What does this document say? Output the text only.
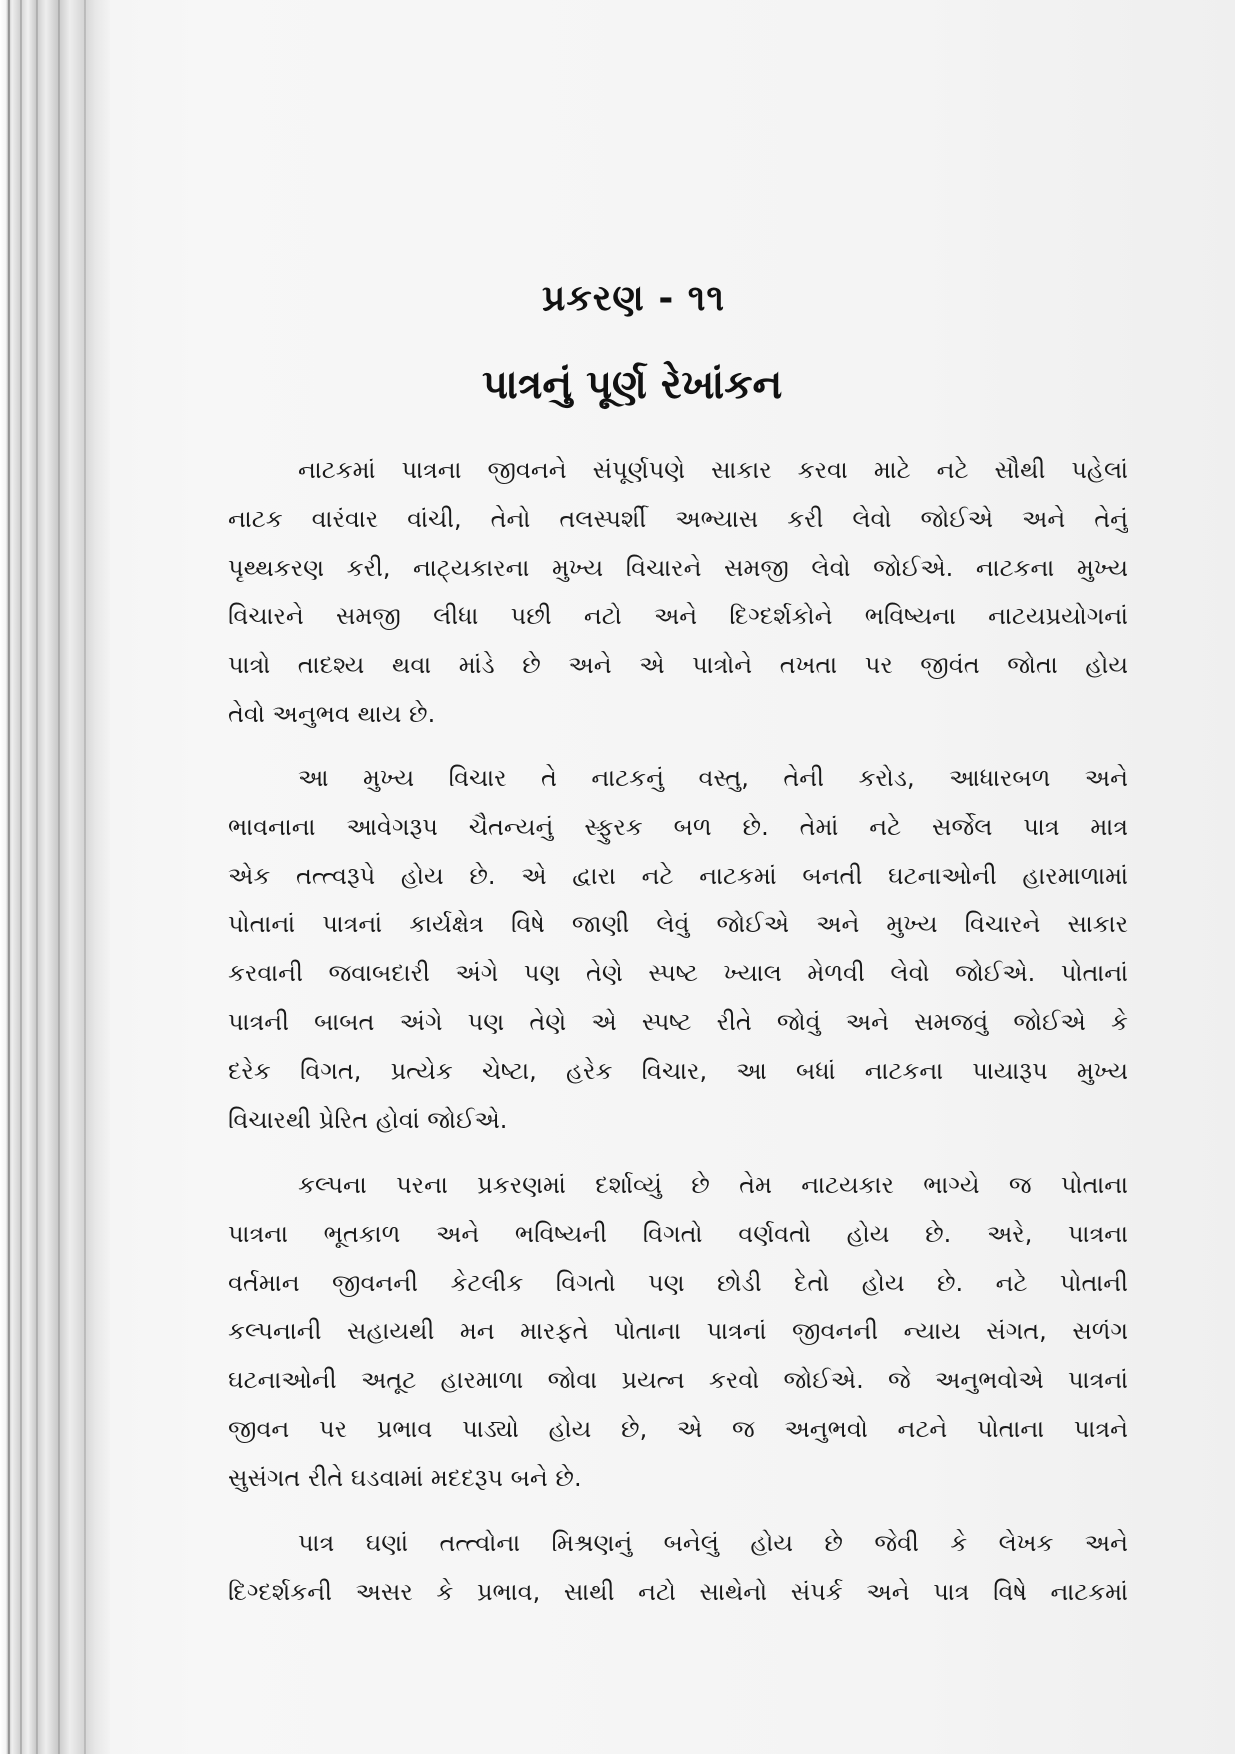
પ્રકરણ - ૧૧
પાત્રનું પૂર્ણ રેખાંકન
નાટકમાં પાત્રના જીવનને સંપૂર્ણપણે સાકાર કરવા માટે નટે સૌથી પહેલાં
નાટક વારંવાર વાંચી, તેનો તલસ્પર્શી અભ્યાસ કરી લેવો જોઈએ અને તેનું
પૃથ્થકરણ કરી, નાટ્યકારના મુખ્ય વિચારને સમજી લેવો જોઈએ. નાટકના મુખ્ય
વિચારને સમજી લીધા પછી નટો અને દિગ્દર્શકોને ભવિષ્યના નાટયપ્રયોગનાં
પાત્રો તાદશ્ય થવા માંડે છે અને એ પાત્રોને તખતા પર જીવંત જોતા હોય
તેવો અનુભવ થાય છે.
આ મુખ્ય વિચાર તે નાટકનું વસ્તુ, તેની કરોડ, આધારબળ અને
ભાવનાના આવેગરૂપ ચૈતન્યનું સ્ફુરક બળ છે. તેમાં નટે સર્જેલ પાત્ર માત્ર
એક તત્ત્વરૂપે હોય છે. એ દ્વારા નટે નાટકમાં બનતી ઘટનાઓની હારમાળામાં
પોતાનાં પાત્રનાં કાર્યક્ષેત્ર વિષે જાણી લેવું જોઈએ અને મુખ્ય વિચારને સાકાર
કરવાની જવાબદારી અંગે પણ તેણે સ્પષ્ટ ખ્યાલ મેળવી લેવો જોઈએ. પોતાનાં
પાત્રની બાબત અંગે પણ તેણે એ સ્પષ્ટ રીતે જોવું અને સમજવું જોઈએ કે
દરેક વિગત, પ્રત્યેક ચેષ્ટા, હરેક વિચાર, આ બધાં નાટકના પાયારૂપ મુખ્ય
વિચારથી પ્રેરિત હોવાં જોઈએ.
કલ્પના પરના પ્રકરણમાં દર્શાવ્યું છે તેમ નાટયકાર ભાગ્યે જ પોતાના
પાત્રના ભૂતકાળ અને ભવિષ્યની વિગતો વર્ણવતો હોય છે. અરે, પાત્રના
વર્તમાન જીવનની કેટલીક વિગતો પણ છોડી દેતો હોય છે. નટે પોતાની
કલ્પનાની સહાયથી મન મારફતે પોતાના પાત્રનાં જીવનની ન્યાય સંગત, સળંગ
ઘટનાઓની અતૂટ હારમાળા જોવા પ્રયત્ન કરવો જોઈએ. જે અનુભવોએ પાત્રનાં
જીવન પર પ્રભાવ પાડ્યો હોય છે, એ જ અનુભવો નટને પોતાના પાત્રને
સુસંગત રીતે ઘડવામાં મદદરૂપ બને છે.
પાત્ર ઘણાં તત્ત્વોના મિશ્રણનું બનેલું હોય છે જેવી કે લેખક અને
દિગ્દર્શકની અસર કે પ્રભાવ, સાથી નટો સાથેનો સંપર્ક અને પાત્ર વિષે નાટકમાં
